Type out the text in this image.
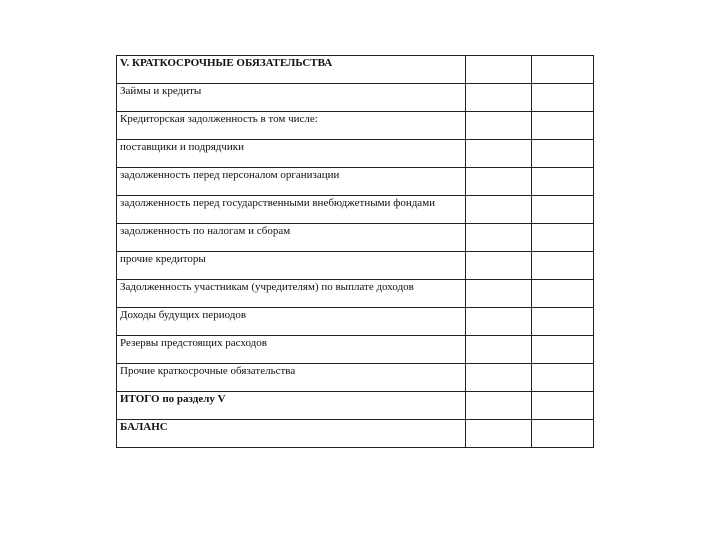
V. КРАТКОСРОЧНЫЕ ОБЯЗАТЕЛЬСТВА		

Займы и кредиты		

Кредиторская задолженность в том числе:		

поставщики и подрядчики		

задолженность перед персоналом организации		

задолженность перед государственными внебюджетными фондами		

задолженность по налогам и сборам		

прочие кредиторы		

Задолженность участникам (учредителям) по выплате доходов		

Доходы будущих периодов		

Резервы предстоящих расходов		

Прочие краткосрочные обязательства		

ИТОГО по разделу V		

БАЛАНС		
